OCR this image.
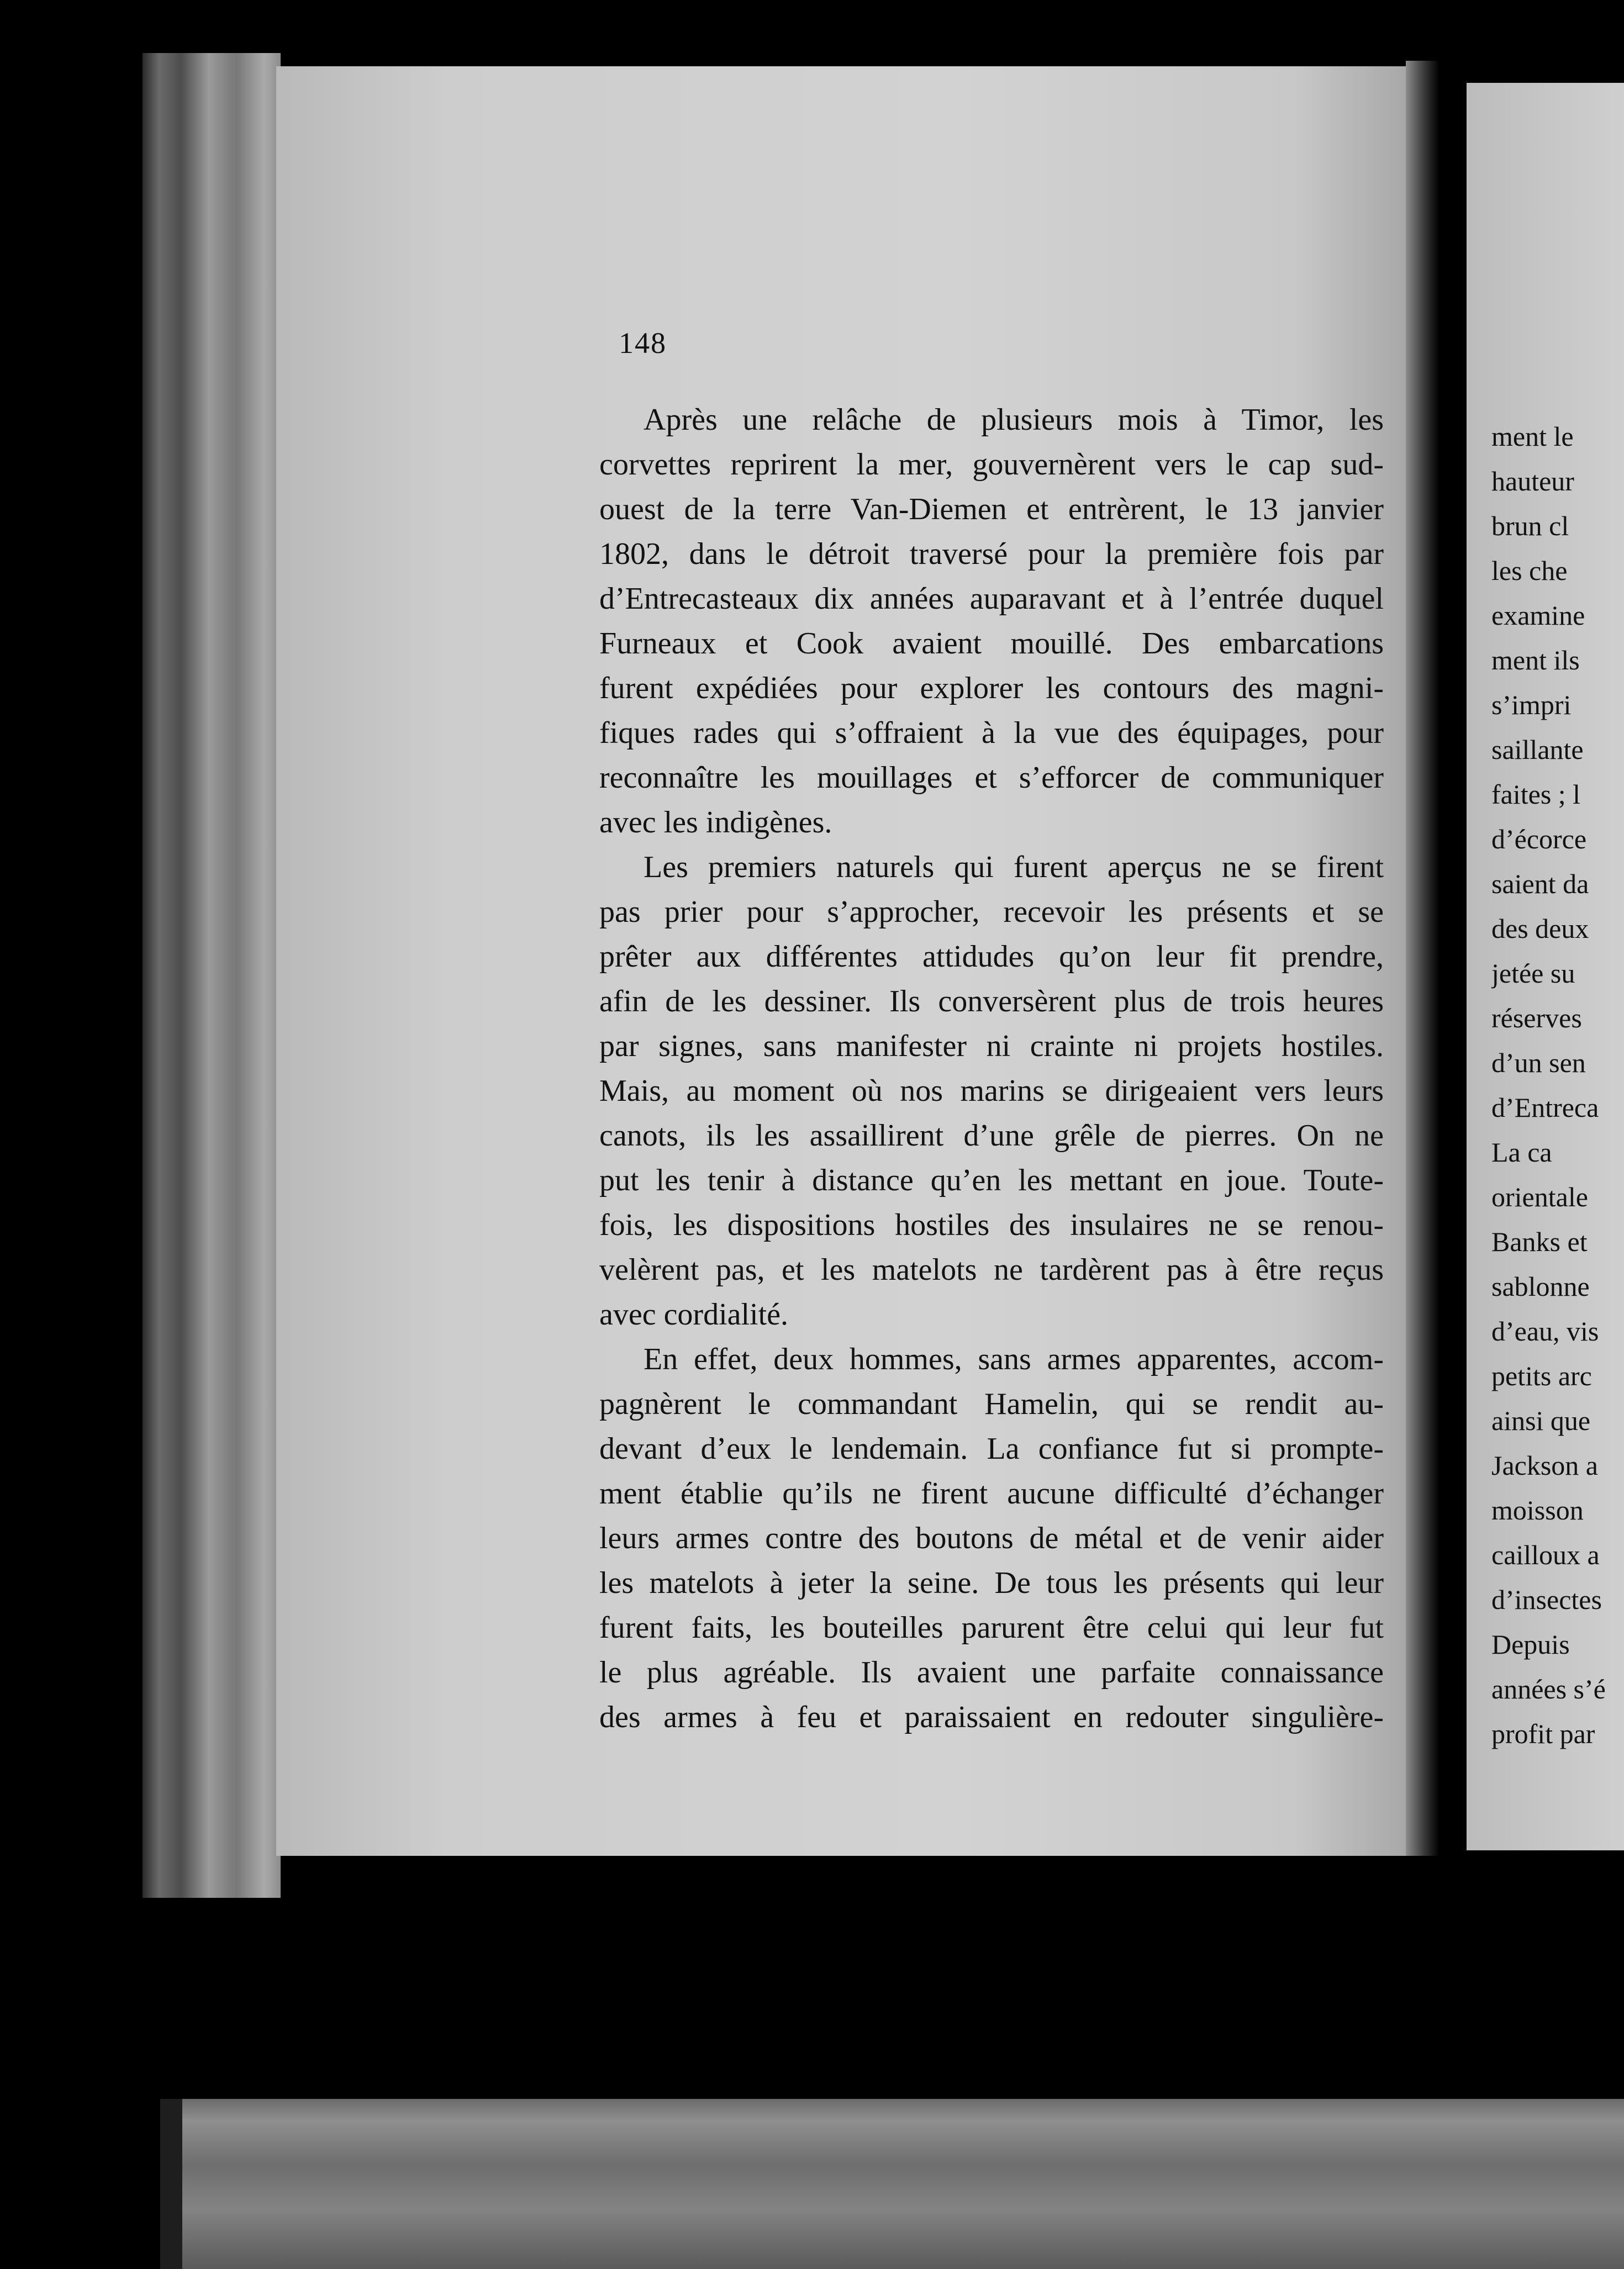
148
Après une relâche de plusieurs mois à Timor, les
corvettes reprirent la mer, gouvernèrent vers le cap sud-
ouest de la terre Van-Diemen et entrèrent, le 13 janvier
1802, dans le détroit traversé pour la première fois par
d’Entrecasteaux dix années auparavant et à l’entrée duquel
Furneaux et Cook avaient mouillé. Des embarcations
furent expédiées pour explorer les contours des magni-
fiques rades qui s’offraient à la vue des équipages, pour
reconnaître les mouillages et s’efforcer de communiquer
avec les indigènes.
Les premiers naturels qui furent aperçus ne se firent
pas prier pour s’approcher, recevoir les présents et se
prêter aux différentes attidudes qu’on leur fit prendre,
afin de les dessiner. Ils conversèrent plus de trois heures
par signes, sans manifester ni crainte ni projets hostiles.
Mais, au moment où nos marins se dirigeaient vers leurs
canots, ils les assaillirent d’une grêle de pierres. On ne
put les tenir à distance qu’en les mettant en joue. Toute-
fois, les dispositions hostiles des insulaires ne se renou-
velèrent pas, et les matelots ne tardèrent pas à être reçus
avec cordialité.
En effet, deux hommes, sans armes apparentes, accom-
pagnèrent le commandant Hamelin, qui se rendit au-
devant d’eux le lendemain. La confiance fut si prompte-
ment établie qu’ils ne firent aucune difficulté d’échanger
leurs armes contre des boutons de métal et de venir aider
les matelots à jeter la seine. De tous les présents qui leur
furent faits, les bouteilles parurent être celui qui leur fut
le plus agréable. Ils avaient une parfaite connaissance
des armes à feu et paraissaient en redouter singulière-
ment le
hauteur
brun cl
les che
examine
ment ils
s’impri
saillante
faites ; l
d’écorce
saient da
des deux
jetée su
réserves
d’un sen
d’Entreca
La ca
orientale
Banks et
sablonne
d’eau, vis
petits arc
ainsi que
Jackson a
moisson
cailloux a
d’insectes
Depuis
années s’é
profit par
